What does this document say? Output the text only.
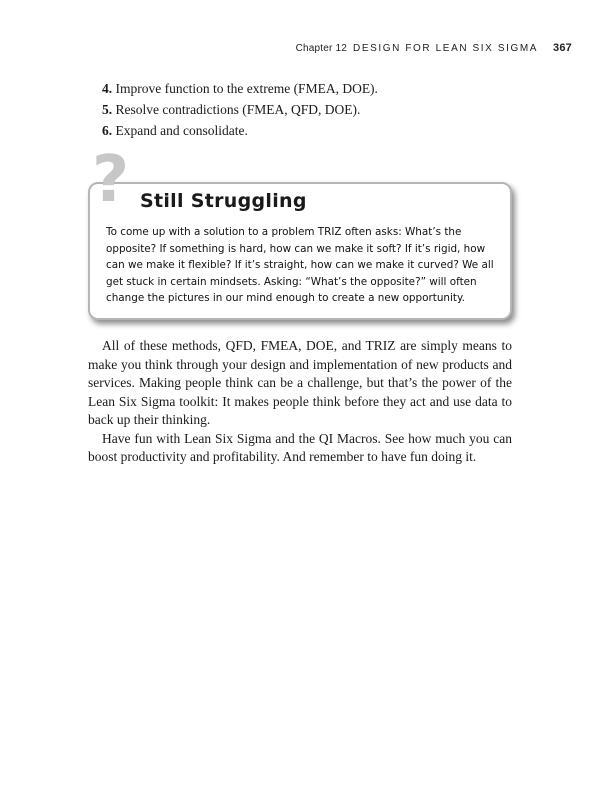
Chapter 12 DESIGN FOR LEAN SIX SIGMA 367
4. Improve function to the extreme (FMEA, DOE).
5. Resolve contradictions (FMEA, QFD, DOE).
6. Expand and consolidate.
? Still Struggling
To come up with a solution to a problem TRIZ often asks: What’s the opposite? If something is hard, how can we make it soft? If it’s rigid, how can we make it flexible? If it’s straight, how can we make it curved? We all get stuck in certain mindsets. Asking: “What’s the opposite?” will often change the pictures in our mind enough to create a new opportunity.

All of these methods, QFD, FMEA, DOE, and TRIZ are simply means to make you think through your design and implementation of new products and services. Making people think can be a challenge, but that’s the power of the Lean Six Sigma toolkit: It makes people think before they act and use data to back up their thinking.

Have fun with Lean Six Sigma and the QI Macros. See how much you can boost productivity and profitability. And remember to have fun doing it.
